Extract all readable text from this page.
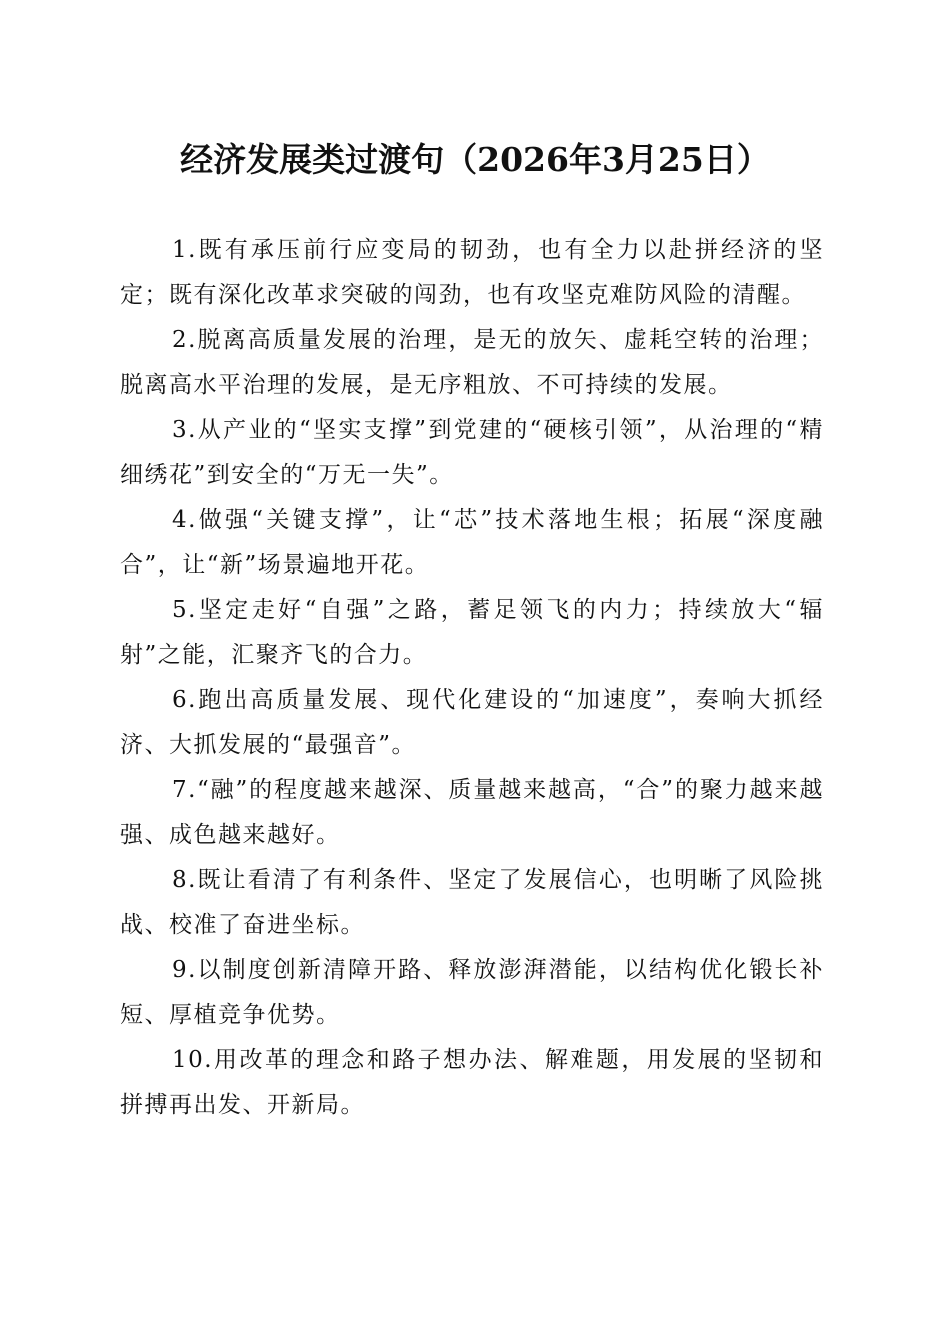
经济发展类过渡句（2026年3月25日）

1.既有承压前行应变局的韧劲，也有全力以赴拼经济的坚定；既有深化改革求突破的闯劲，也有攻坚克难防风险的清醒。

2.脱离高质量发展的治理，是无的放矢、虚耗空转的治理；脱离高水平治理的发展，是无序粗放、不可持续的发展。

3.从产业的“坚实支撑”到党建的“硬核引领”，从治理的“精细绣花”到安全的“万无一失”。

4.做强“关键支撑”，让“芯”技术落地生根；拓展“深度融合”，让“新”场景遍地开花。

5.坚定走好“自强”之路，蓄足领飞的内力；持续放大“辐射”之能，汇聚齐飞的合力。

6.跑出高质量发展、现代化建设的“加速度”，奏响大抓经济、大抓发展的“最强音”。

7.“融”的程度越来越深、质量越来越高，“合”的聚力越来越强、成色越来越好。

8.既让看清了有利条件、坚定了发展信心，也明晰了风险挑战、校准了奋进坐标。

9.以制度创新清障开路、释放澎湃潜能，以结构优化锻长补短、厚植竞争优势。

10.用改革的理念和路子想办法、解难题，用发展的坚韧和拼搏再出发、开新局。
